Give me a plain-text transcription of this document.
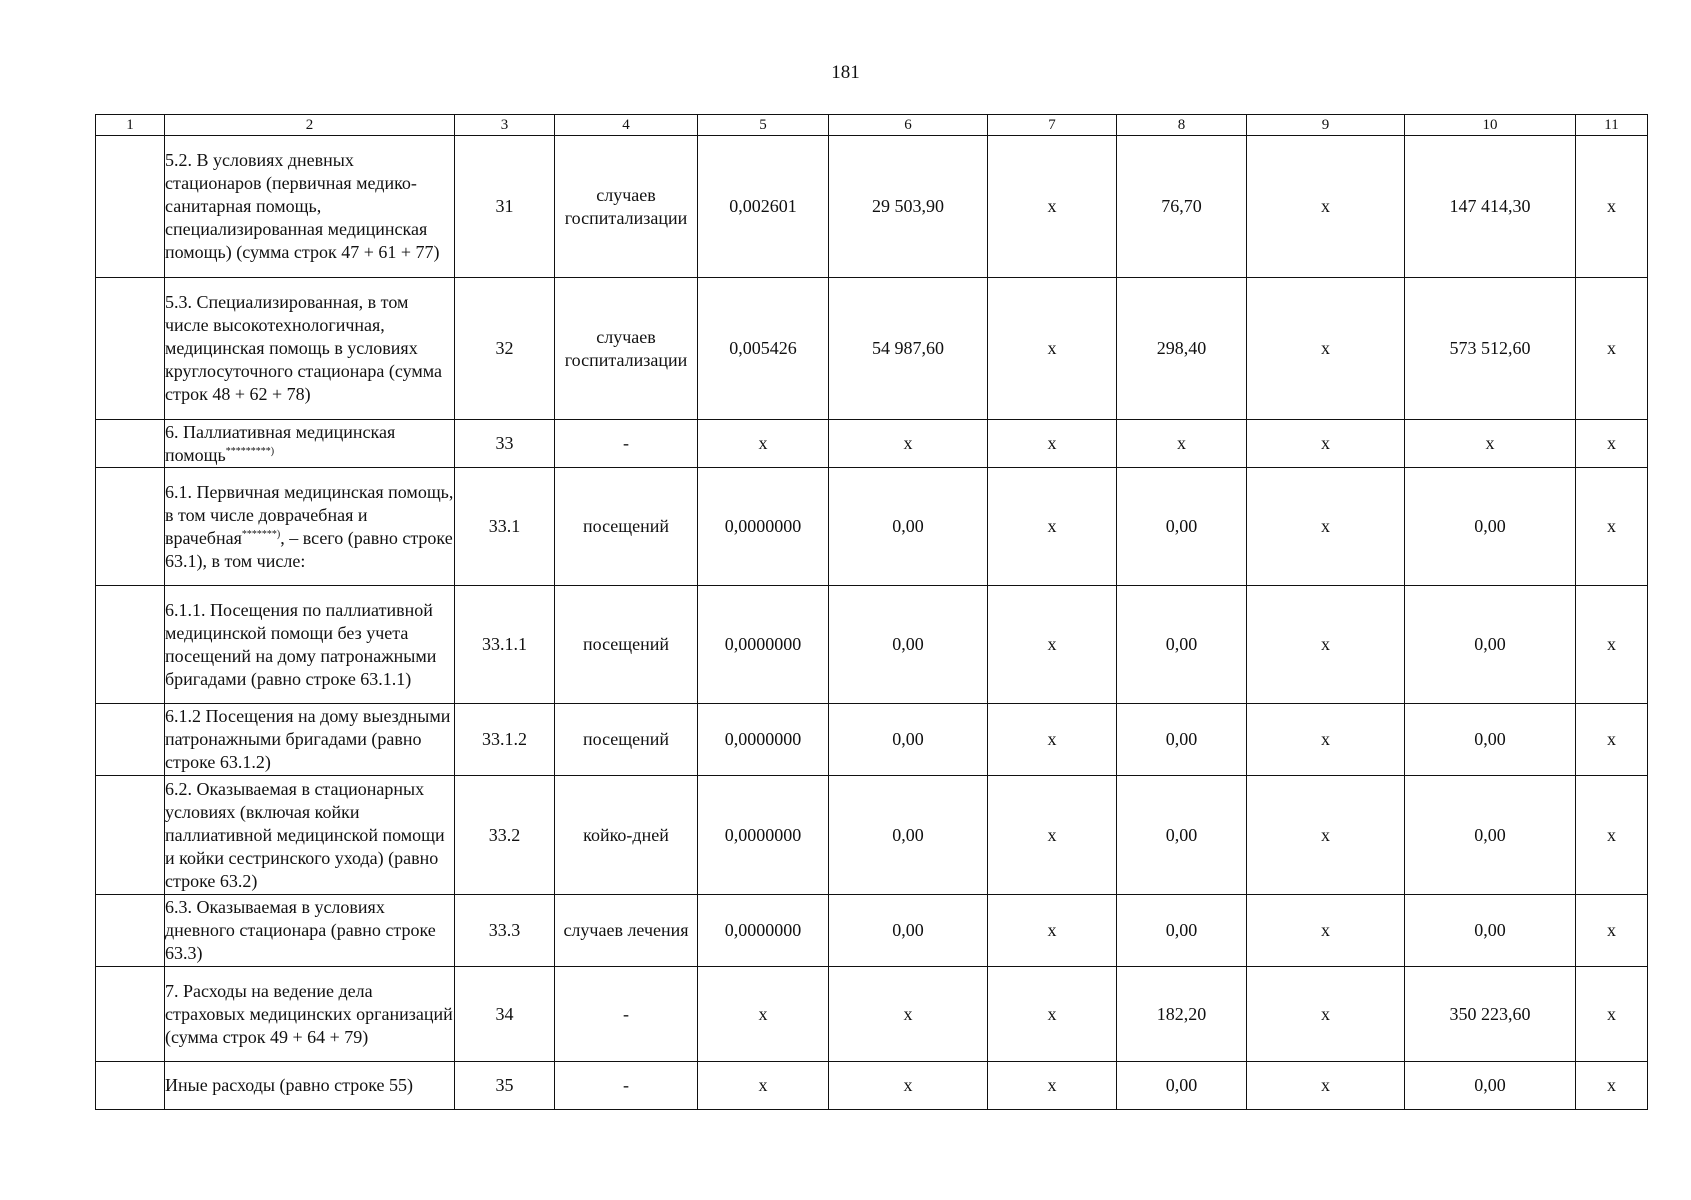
181
1	2	3	4	5	6	7	8	9	10	11
	5.2. В условиях дневных стационаров (первичная медико-санитарная помощь, специализированная медицинская помощь) (сумма строк 47 + 61 + 77)	31	случаев госпитализации	0,002601	29 503,90	х	76,70	х	147 414,30	х
	5.3. Специализированная, в том числе высокотехнологичная, медицинская помощь в условиях круглосуточного стационара (сумма строк 48 + 62 + 78)	32	случаев госпитализации	0,005426	54 987,60	х	298,40	х	573 512,60	х
	6. Паллиативная медицинская помощь*********)	33	-	х	х	х	х	х	х	х
	6.1. Первичная медицинская помощь, в том числе доврачебная и врачебная*******), – всего (равно строке 63.1), в том числе:	33.1	посещений	0,0000000	0,00	х	0,00	х	0,00	х
	6.1.1. Посещения по паллиативной медицинской помощи без учета посещений на дому патронажными бригадами (равно строке 63.1.1)	33.1.1	посещений	0,0000000	0,00	х	0,00	х	0,00	х
	6.1.2 Посещения на дому выездными патронажными бригадами (равно строке 63.1.2)	33.1.2	посещений	0,0000000	0,00	х	0,00	х	0,00	х
	6.2. Оказываемая в стационарных условиях (включая койки паллиативной медицинской помощи и койки сестринского ухода) (равно строке 63.2)	33.2	койко-дней	0,0000000	0,00	х	0,00	х	0,00	х
	6.3. Оказываемая в условиях дневного стационара (равно строке 63.3)	33.3	случаев лечения	0,0000000	0,00	х	0,00	х	0,00	х
	7. Расходы на ведение дела страховых медицинских организаций (сумма строк 49 + 64 + 79)	34	-	х	х	х	182,20	х	350 223,60	х
	Иные расходы (равно строке 55)	35	-	х	х	х	0,00	х	0,00	х
